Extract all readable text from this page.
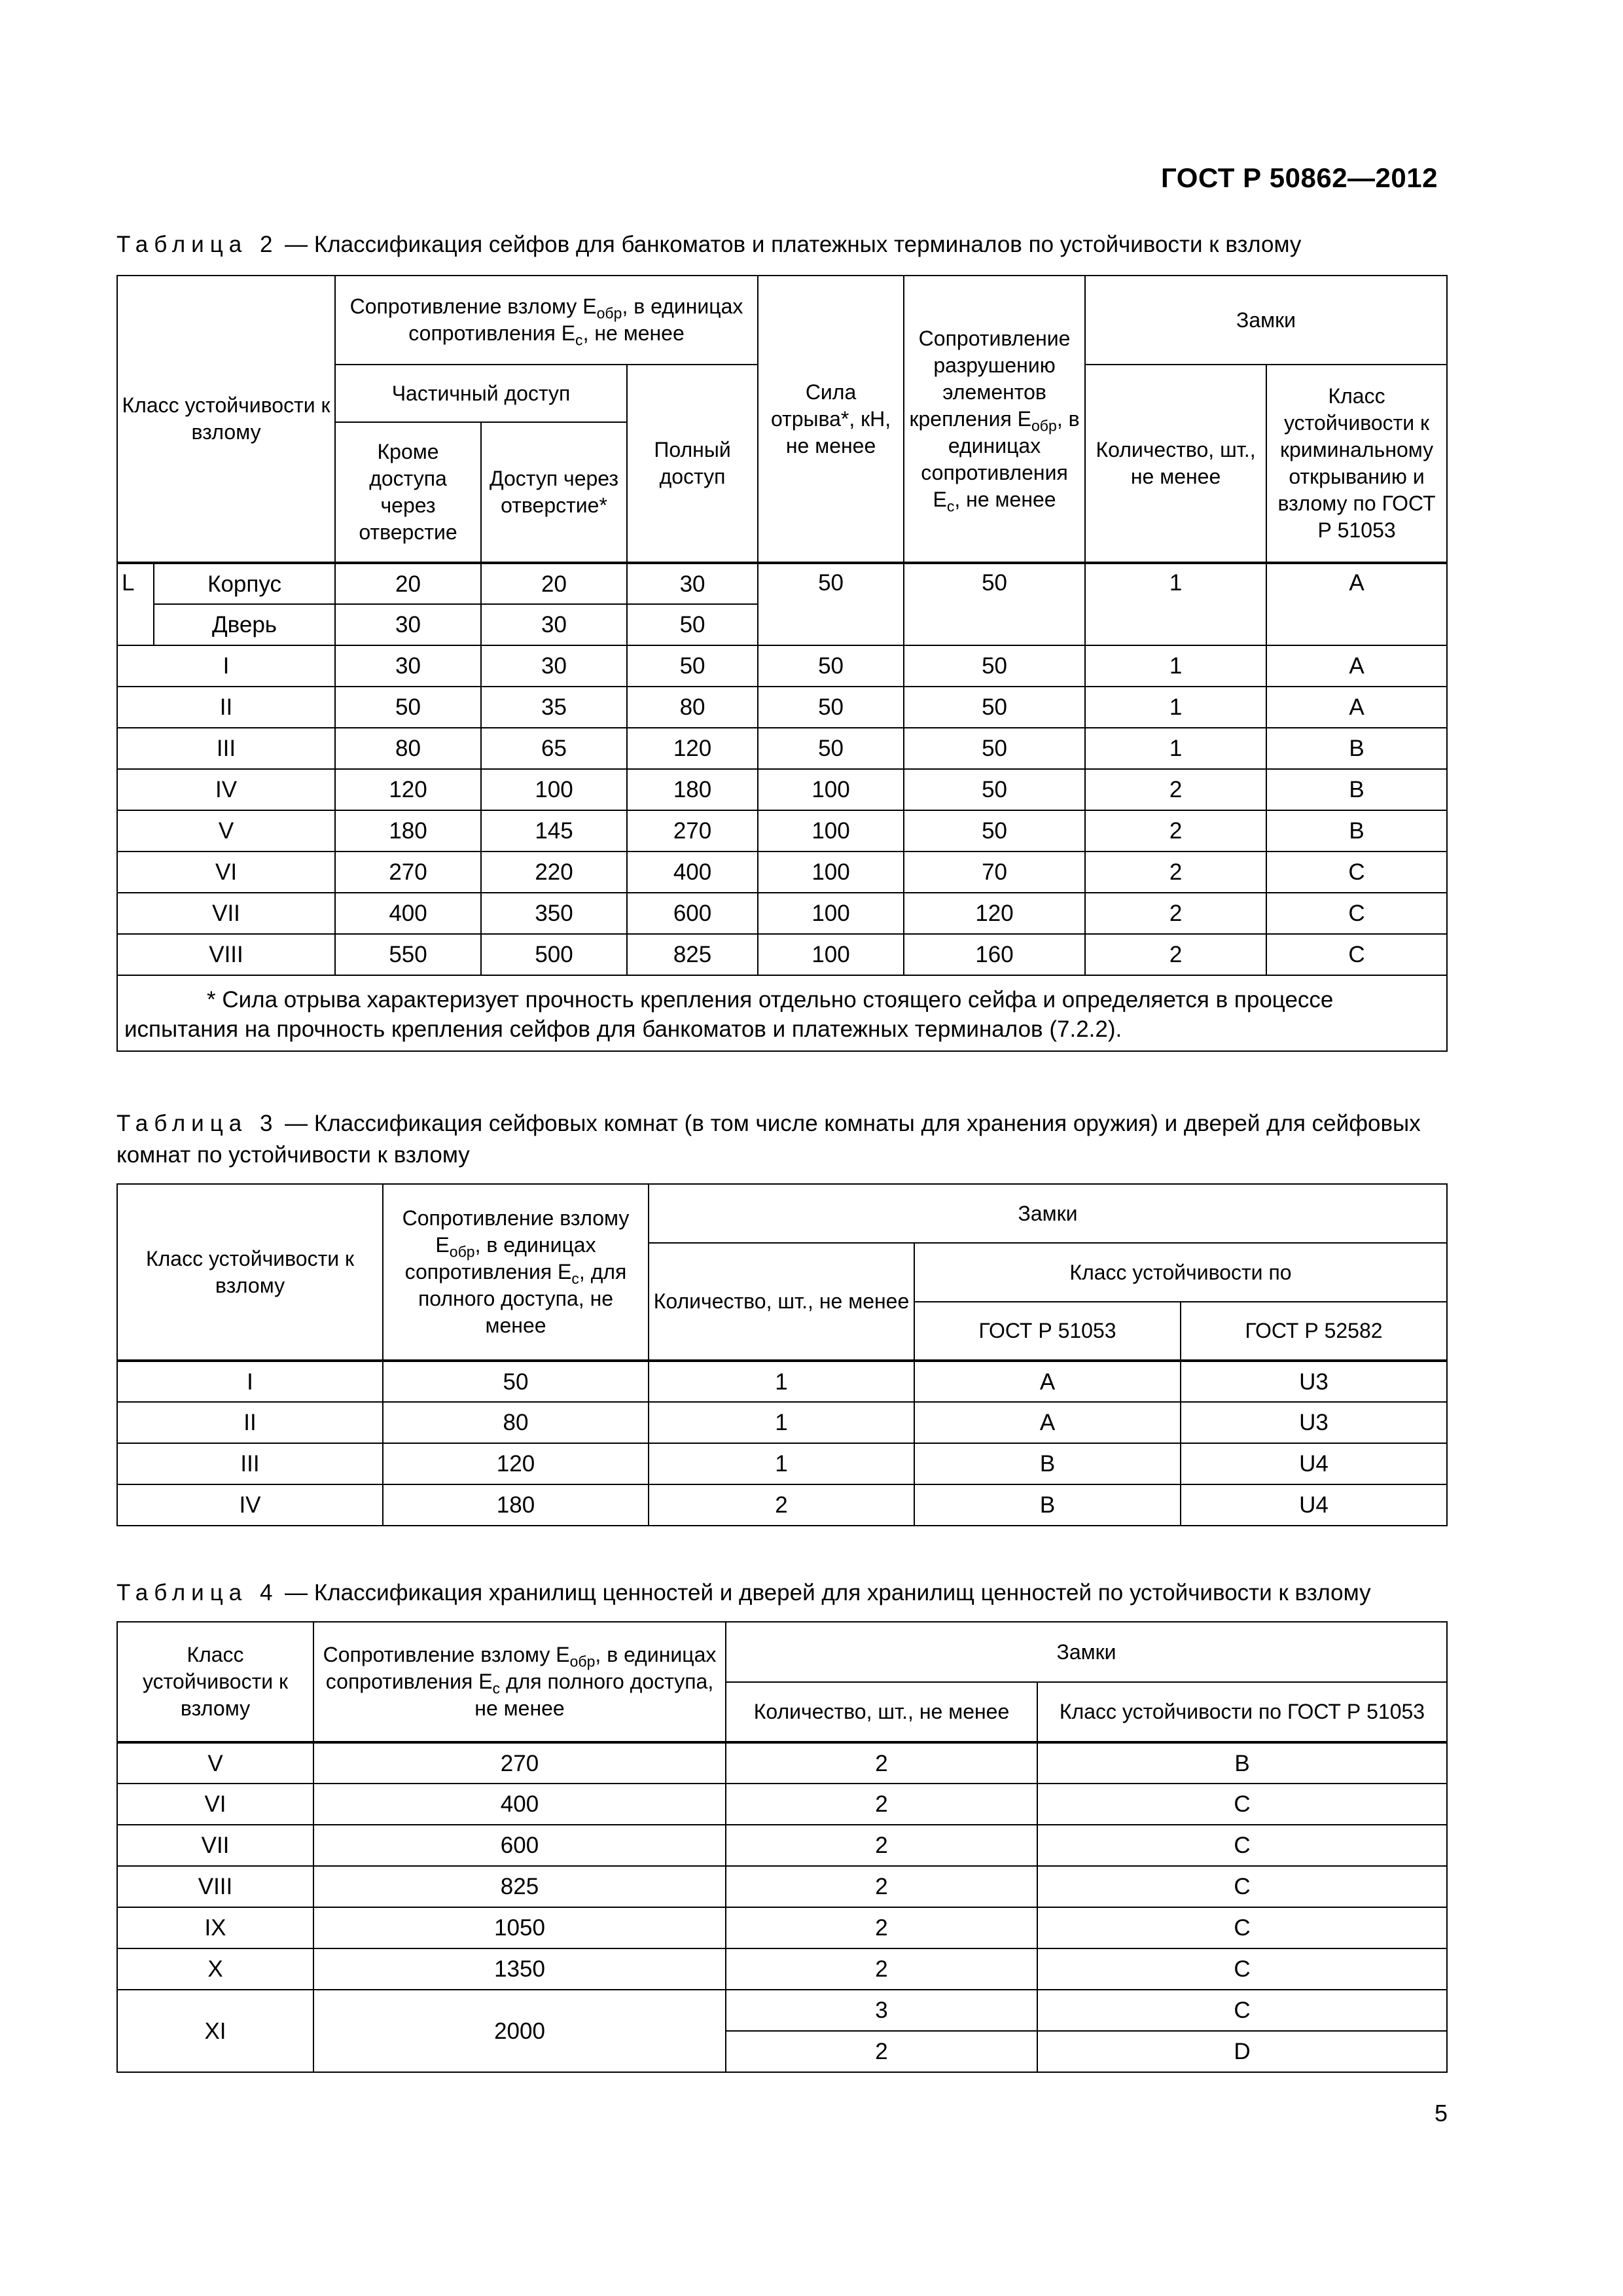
ГОСТ Р 50862—2012
Таблица 2 — Классификация сейфов для банкоматов и платежных терминалов по устойчивости к взлому
Класс устойчивости к взлому		Сопротивление взлому $E_{обр}$, в единицах сопротивления $E_c$, не менее			Сила отрыва*, кН, не менее	Сопротивление разрушению элементов крепления $E_{обр}$, в единицах сопротивления $E_c$, не менее	Замки	
		Частичный доступ		Полный доступ			Количество, шт., не менее	Класс устойчивости к криминальному открыванию и взлому по ГОСТ Р 51053
		Кроме доступа через отверстие	Доступ через отверстие*					
L	Корпус	20	20	30	50	50	1	A
	Дверь	30	30	50				
I		30	30	50	50	50	1	A
II		50	35	80	50	50	1	A
III		80	65	120	50	50	1	B
IV		120	100	180	100	50	2	B
V		180	145	270	100	50	2	B
VI		270	220	400	100	70	2	C
VII		400	350	600	100	120	2	C
VIII		550	500	825	100	160	2	C
* Сила отрыва характеризует прочность крепления отдельно стоящего сейфа и определяется в процессе испытания на прочность крепления сейфов для банкоматов и платежных терминалов (7.2.2).								
Таблица 3 — Классификация сейфовых комнат (в том числе комнаты для хранения оружия) и дверей для сейфовых комнат по устойчивости к взлому
Класс устойчивости к взлому	Сопротивление взлому $E_{обр}$, в единицах сопротивления $E_c$, для полного доступа, не менее	Замки		
		Количество, шт., не менее	Класс устойчивости по	
			ГОСТ Р 51053	ГОСТ Р 52582
I	50	1	A	U3
II	80	1	A	U3
III	120	1	B	U4
IV	180	2	B	U4
Таблица 4 — Классификация хранилищ ценностей и дверей для хранилищ ценностей по устойчивости к взлому
Класс устойчивости к взлому	Сопротивление взлому $E_{обр}$, в единицах сопротивления $E_c$ для полного доступа, не менее	Замки	
		Количество, шт., не менее	Класс устойчивости по ГОСТ Р 51053
V	270	2	B
VI	400	2	C
VII	600	2	C
VIII	825	2	C
IX	1050	2	C
X	1350	2	C
XI	2000	3	C
		2	D
5
